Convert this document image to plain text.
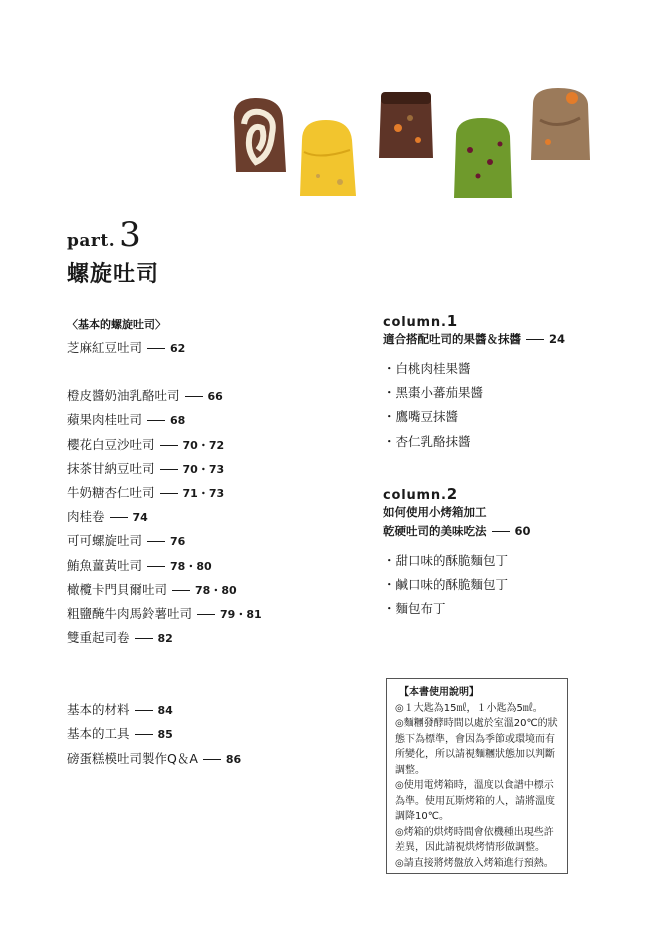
part. 3
螺旋吐司
〈基本的螺旋吐司〉
芝麻紅豆吐司	62
橙皮醬奶油乳酪吐司	66
蘋果肉桂吐司	68
櫻花白豆沙吐司	70・72
抹茶甘納豆吐司	70・73
牛奶糖杏仁吐司	71・73
肉桂卷	74
可可螺旋吐司	76
鮪魚薑黃吐司	78・80
橄欖卡門貝爾吐司	78・80
粗鹽醃牛肉馬鈴薯吐司	79・81
雙重起司卷	82
基本的材料	84
基本的工具	85
磅蛋糕模吐司製作Q＆A	86
column.1
適合搭配吐司的果醬＆抹醬 24
・ 白桃肉桂果醬
・ 黑棗小蕃茄果醬
・ 鷹嘴豆抹醬
・ 杏仁乳酪抹醬
column.2
如何使用小烤箱加工
乾硬吐司的美味吃法 60
・ 甜口味的酥脆麵包丁
・ 鹹口味的酥脆麵包丁
・ 麵包布丁
【本書使用說明】

◎１大匙為15㎖，１小匙為5㎖。

◎麵糰發酵時間以處於室溫20℃的狀態下為標準，會因為季節或環境而有所變化，所以請視麵糰狀態加以判斷調整。

◎使用電烤箱時，溫度以食譜中標示為準。使用瓦斯烤箱的人，請將溫度調降10℃。

◎烤箱的烘烤時間會依機種出現些許差異，因此請視烘烤情形做調整。

◎請直接將烤盤放入烤箱進行預熱。
